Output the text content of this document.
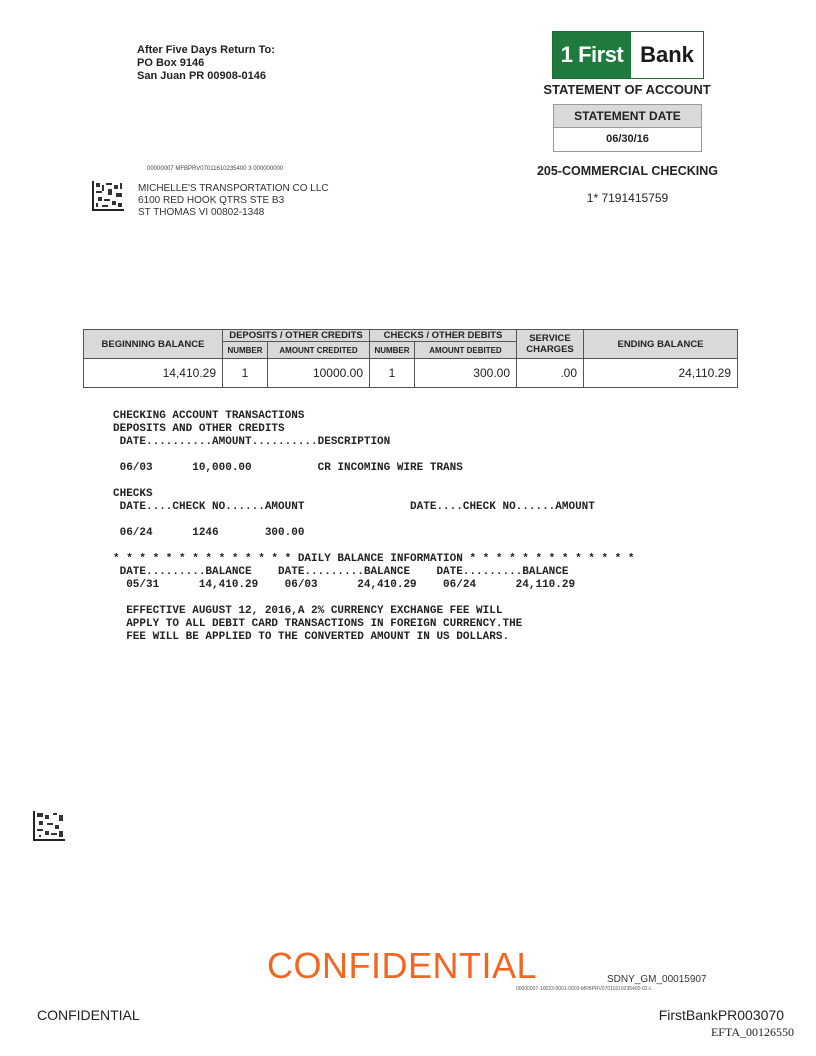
After Five Days Return To:
PO Box 9146
San Juan PR 00908-0146
1 First Bank
STATEMENT OF ACCOUNT
STATEMENT DATE
06/30/16
205-COMMERCIAL CHECKING
1* 7191415759
00000007 MFBPRV07011610235400 3 000000000
MICHELLE'S TRANSPORTATION CO LLC
6100 RED HOOK QTRS STE B3
ST THOMAS VI 00802-1348
BEGINNING BALANCE	DEPOSITS / OTHER CREDITS		CHECKS / OTHER DEBITS		SERVICE CHARGES	ENDING BALANCE
	NUMBER	AMOUNT CREDITED	NUMBER	AMOUNT DEBITED		
14,410.29	1	10000.00	1	300.00	.00	24,110.29
CHECKING ACCOUNT TRANSACTIONS
DEPOSITS AND OTHER CREDITS
DATE..........AMOUNT..........DESCRIPTION

06/03      10,000.00          CR INCOMING WIRE TRANS

CHECKS
DATE....CHECK NO......AMOUNT                DATE....CHECK NO......AMOUNT

06/24      1246       300.00

* * * * * * * * * * * * * * DAILY BALANCE INFORMATION * * * * * * * * * * * * *
DATE.........BALANCE    DATE.........BALANCE    DATE.........BALANCE
05/31      14,410.29    06/03      24,410.29    06/24      24,110.29

EFFECTIVE AUGUST 12, 2016,A 2% CURRENCY EXCHANGE FEE WILL
APPLY TO ALL DEBIT CARD TRANSACTIONS IN FOREIGN CURRENCY.THE
FEE WILL BE APPLIED TO THE CONVERTED AMOUNT IN US DOLLARS.
CONFIDENTIAL	SDNY_GM_00015907
00000007-10023-0001-0003-MFBPRV07011610235400-02-L
CONFIDENTIAL	FirstBankPR003070
EFTA_00126550
